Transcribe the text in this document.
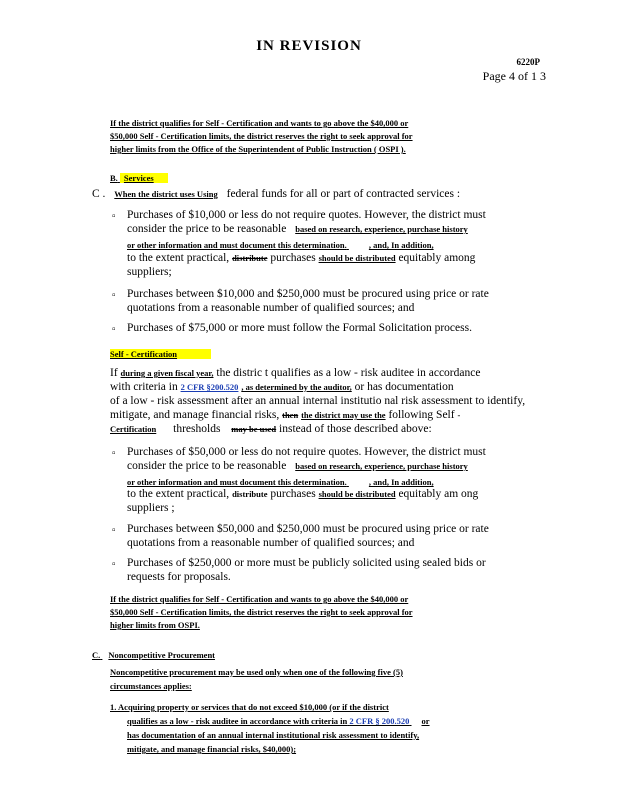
IN REVISION
6220P
Page 4 of 1 3
If the district qualifies for Self - Certification and wants to go above the $40,000 or
$50,000 Self - Certification limits, the district reserves the right to seek approval for
higher limits from the Office of the Superintendent of Public Instruction ( OSPI ).
B. Services
C . When the district uses Using federal funds for all or part of contracted services :
▫ Purchases of $10,000 or less do not require quotes. However, the district must
consider the price to be reasonable based on research, experience, purchase history
or other information and must document this determination.	, and, In addition,
to the extent practical, distribute purchases should be distributed equitably among
suppliers;
▫ Purchases between $10,000 and $250,000 must be procured using price or rate
quotations from a reasonable number of qualified sources; and
▫ Purchases of $75,000 or more must follow the Formal Solicitation process.
Self - Certification
If during a given fiscal year, the distric t qualifies as a low - risk auditee in accordance
with criteria in 2 CFR §200.520 , as determined by the auditor, or has documentation
of a low - risk assessment after an annual internal institutio nal risk assessment to identify,
mitigate, and manage financial risks, then the district may use the following Self -
Certification thresholds may be used instead of those described above:
▫ Purchases of $50,000 or less do not require quotes. However, the district must
consider the price to be reasonable based on research, experience, purchase history
or other information and must document this determination.	, and, In addition,
to the extent practical, distribute purchases should be distributed equitably am ong
suppliers ;
▫ Purchases between $50,000 and $250,000 must be procured using price or rate
quotations from a reasonable number of qualified sources; and
▫ Purchases of $250,000 or more must be publicly solicited using sealed bids or
requests for proposals.
If the district qualifies for Self - Certification and wants to go above the $40,000 or
$50,000 Self - Certification limits, the district reserves the right to seek approval for
higher limits from OSPI.
C. Noncompetitive Procurement
Noncompetitive procurement may be used only when one of the following five (5)
circumstances applies:
1. Acquiring property or services that do not exceed $10,000 (or if the district
qualifies as a low - risk auditee in accordance with criteria in 2 CFR § 200.520 or
has documentation of an annual internal institutional risk assessment to identify,
mitigate, and manage financial risks, $40,000);
